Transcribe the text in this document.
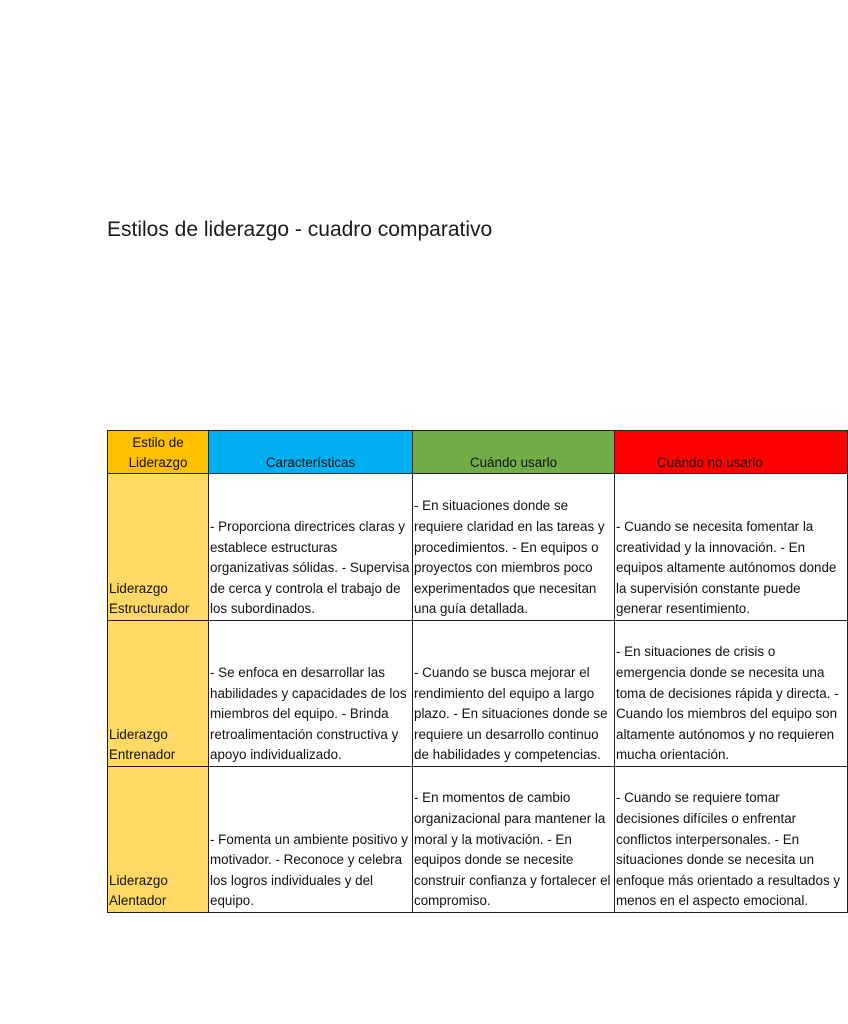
Estilos de liderazgo - cuadro comparativo
Estilo de Liderazgo	Características	Cuándo usarlo	Cuándo no usarlo
Liderazgo Estructurador	- Proporciona directrices claras y establece estructuras organizativas sólidas. - Supervisa de cerca y controla el trabajo de los subordinados.	- En situaciones donde se requiere claridad en las tareas y procedimientos. - En equipos o proyectos con miembros poco experimentados que necesitan una guía detallada.	- Cuando se necesita fomentar la creatividad y la innovación. - En equipos altamente autónomos donde la supervisión constante puede generar resentimiento.
Liderazgo Entrenador	- Se enfoca en desarrollar las habilidades y capacidades de los miembros del equipo. - Brinda retroalimentación constructiva y apoyo individualizado.	- Cuando se busca mejorar el rendimiento del equipo a largo plazo. - En situaciones donde se requiere un desarrollo continuo de habilidades y competencias.	- En situaciones de crisis o emergencia donde se necesita una toma de decisiones rápida y directa. - Cuando los miembros del equipo son altamente autónomos y no requieren mucha orientación.
Liderazgo Alentador	- Fomenta un ambiente positivo y motivador. - Reconoce y celebra los logros individuales y del equipo.	- En momentos de cambio organizacional para mantener la moral y la motivación. - En equipos donde se necesite construir confianza y fortalecer el compromiso.	- Cuando se requiere tomar decisiones difíciles o enfrentar conflictos interpersonales. - En situaciones donde se necesita un enfoque más orientado a resultados y menos en el aspecto emocional.
